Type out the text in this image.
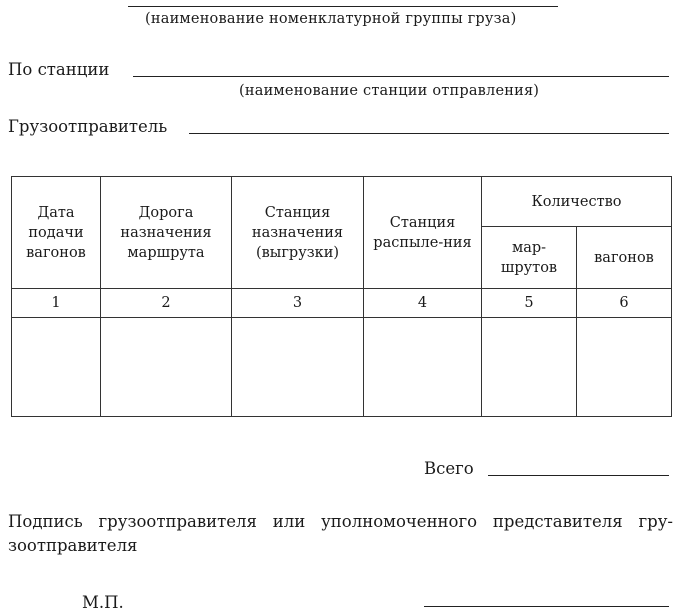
(наименование номенклатурной группы груза)
По станции
(наименование станции отправления)
Грузоотправитель
Дата подачи вагонов	Дорога назначения маршрута	Станция назначения (выгрузки)	Станция распыле-ния	Количество	
				мар-шрутов	вагонов
1	2	3	4	5	6

Всего
Подпись грузоотправителя или уполномоченного представителя гру-
зоотправителя
М.П.
